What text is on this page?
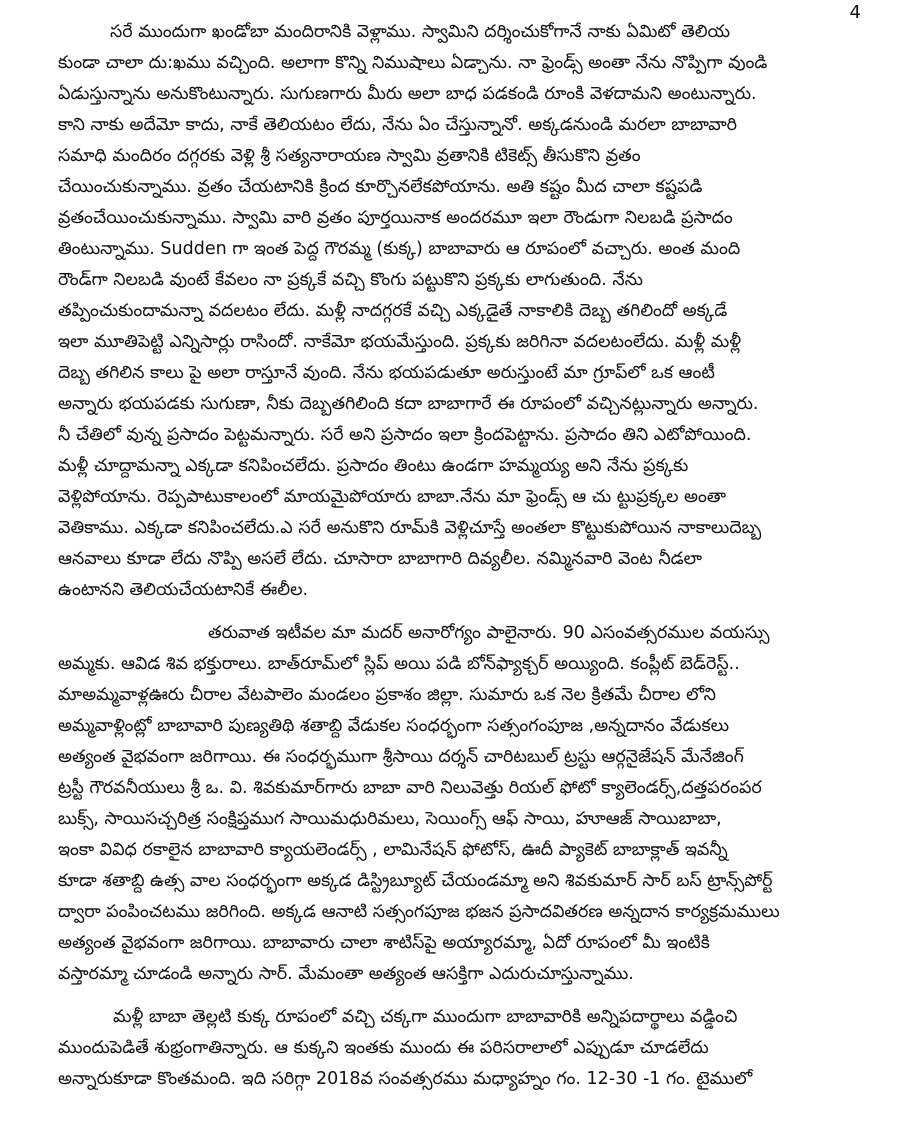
4
సరే ముందుగా ఖండోబా మందిరానికి వెళ్లాము. స్వామిని దర్శించుకోగానే నాకు ఏమిటో తెలియ
కుండా చాలా దు:ఖము వచ్చింది. అలాగా కొన్ని నిముషాలు ఏడ్చాను. నా ఫ్రెండ్స్ అంతా నేను నొప్పిగా వుండి
ఏడుస్తున్నాను అనుకొంటున్నారు. సుగుణగారు మీరు అలా బాధ పడకండి రూంకి వెళదామని అంటున్నారు.
కాని నాకు అదేమో కాదు, నాకే తెలియటం లేదు, నేను ఏం చేస్తున్నానో. అక్కడనుండి మరలా బాబావారి
సమాధి మందిరం దగ్గరకు వెళ్లి శ్రీ సత్యనారాయణ స్వామి వ్రతానికి టికెట్స్ తీసుకొని వ్రతం
చేయించుకున్నాము. వ్రతం చేయటానికి క్రింద కూర్చొనలేకపోయాను. అతి కష్టం మీద చాలా కష్టపడి
వ్రతంచేయించుకున్నాము. స్వామి వారి వ్రతం పూర్తయినాక అందరమూ ఇలా రౌండుగా నిలబడి ప్రసాదం
తింటున్నాము. Sudden గా ఇంత పెద్ద గౌరమ్మ (కుక్క) బాబావారు ఆ రూపంలో వచ్చారు. అంత మంది
రౌండ్‌గా నిలబడి వుంటే కేవలం నా ప్రక్కకే వచ్చి కొంగు పట్టుకొని ప్రక్కకు లాగుతుంది. నేను
తప్పించుకుందామన్నా వదలటం లేదు. మళ్లీ నాదగ్గరకే వచ్చి ఎక్కడైతే నాకాలికి దెబ్బ తగిలిందో అక్కడే
ఇలా మూతిపెట్టి ఎన్నిసార్లు రాసిందో. నాకేమో భయమేస్తుంది. ప్రక్కకు జరిగినా వదలటంలేదు. మళ్లీ మళ్లీ
దెబ్బ తగిలిన కాలు పై అలా రాస్తూనే వుంది. నేను భయపడుతూ అరుస్తుంటే మా గ్రూప్‌లో ఒక ఆంటీ
అన్నారు భయపడకు సుగుణా, నీకు దెబ్బతగిలింది కదా బాబాగారే ఈ రూపంలో వచ్చినట్లున్నారు అన్నారు.
నీ చేతిలో వున్న ప్రసాదం పెట్టమన్నారు. సరే అని ప్రసాదం ఇలా క్రిందపెట్టాను. ప్రసాదం తిని ఎటోపోయింది.
మళ్లీ చూద్దామన్నా ఎక్కడా కనిపించలేదు. ప్రసాదం తింటు ఉండగా హమ్మయ్య అని నేను ప్రక్కకు
వెళ్లిపోయాను. రెప్పపాటుకాలంలో మాయమైపోయారు బాబా.నేను మా ఫ్రెండ్స్ ఆ చు ట్టుప్రక్కల అంతా
వెతికాము. ఎక్కడా కనిపించలేదు.ఎ సరే అనుకొని రూమ్‌కి వెళ్లిచూస్తే అంతలా కొట్టుకుపోయిన నాకాలుదెబ్బ
ఆనవాలు కూడా లేదు నొప్పి అసలే లేదు. చూసారా బాబాగారి దివ్యలీల. నమ్మినవారి వెంట నీడలా
ఉంటానని తెలియచేయటానికే ఈలీల.
తరువాత ఇటీవల మా మదర్ అనారోగ్యం పాలైనారు. 90 ఎసంవత్సరముల వయస్సు
అమ్మకు. ఆవిడ శివ భక్తురాలు. బాత్‌రూమ్‌లో స్లిప్ అయి పడి బోన్‌ఫ్యాక్చర్ అయ్యింది. కంప్లీట్ బెడ్‌రెస్ట్..
మాఅమ్మవాళ్లఊరు చీరాల వేటపాలెం మండలం ప్రకాశం జిల్లా. సుమారు ఒక నెల క్రితమే చీరాల లోని
అమ్మవాళ్లింట్లో బాబావారి పుణ్యతిథి శతాబ్ది వేడుకల సంధర్భంగా సత్సంగంపూజ ,అన్నదానం వేడుకలు
అత్యంత వైభవంగా జరిగాయి. ఈ సంధర్భముగా శ్రీసాయి దర్శన్ చారిటబుల్ ట్రస్టు ఆర్గనైజేషన్ మేనేజింగ్
ట్రస్టీ గౌరవనీయులు శ్రీ ఒ. వి. శివకుమార్‌గారు బాబా వారి నిలువెత్తు రియల్ ఫోటో క్యాలెండర్స్,దత్తపరంపర
బుక్స్, సాయిసచ్చరిత్ర సంక్షిప్తముగ సాయిమధురిమలు, సెయింగ్స్ ఆఫ్ సాయి, హూఆజ్ సాయిబాబా,
ఇంకా వివిధ రకాలైన బాబావారి క్యాయలెండర్స్ , లామినేషన్ ఫోటోస్, ఊదీ ప్యాకెట్ బాబాక్లాత్ ఇవన్నీ
కూడా శతాబ్ది ఉత్స వాల సంధర్భంగా అక్కడ డిస్ట్రిబ్యూట్ చేయండమ్మా అని శివకుమార్ సార్ బస్ ట్రాన్స్‌పోర్ట్
ద్వారా పంపించటము జరిగింది. అక్కడ ఆనాటి సత్సంగపూజ భజన ప్రసాదవితరణ అన్నదాన కార్యక్రమములు
అత్యంత వైభవంగా జరిగాయి. బాబావారు చాలా శాటిస్‌పై అయ్యారమ్మా, ఏదో రూపంలో మీ ఇంటికి
వస్తారమ్మా చూడండి అన్నారు సార్. మేమంతా అత్యంత ఆసక్తిగా ఎదురుచూస్తున్నాము.
మళ్లీ బాబా తెల్లటి కుక్క రూపంలో వచ్చి చక్కగా ముందుగా బాబావారికి అన్నిపదార్థాలు వడ్డించి
ముందుపెడితే శుభ్రంగాతిన్నారు. ఆ కుక్కని ఇంతకు ముందు ఈ పరిసరాలాలో ఎప్పుడూ చూడలేదు
అన్నారుకూడా కొంతమంది. ఇది సరిగ్గా 2018వ సంవత్సరము మధ్యాహ్నం గం. 12-30 -1 గం. టైములో
